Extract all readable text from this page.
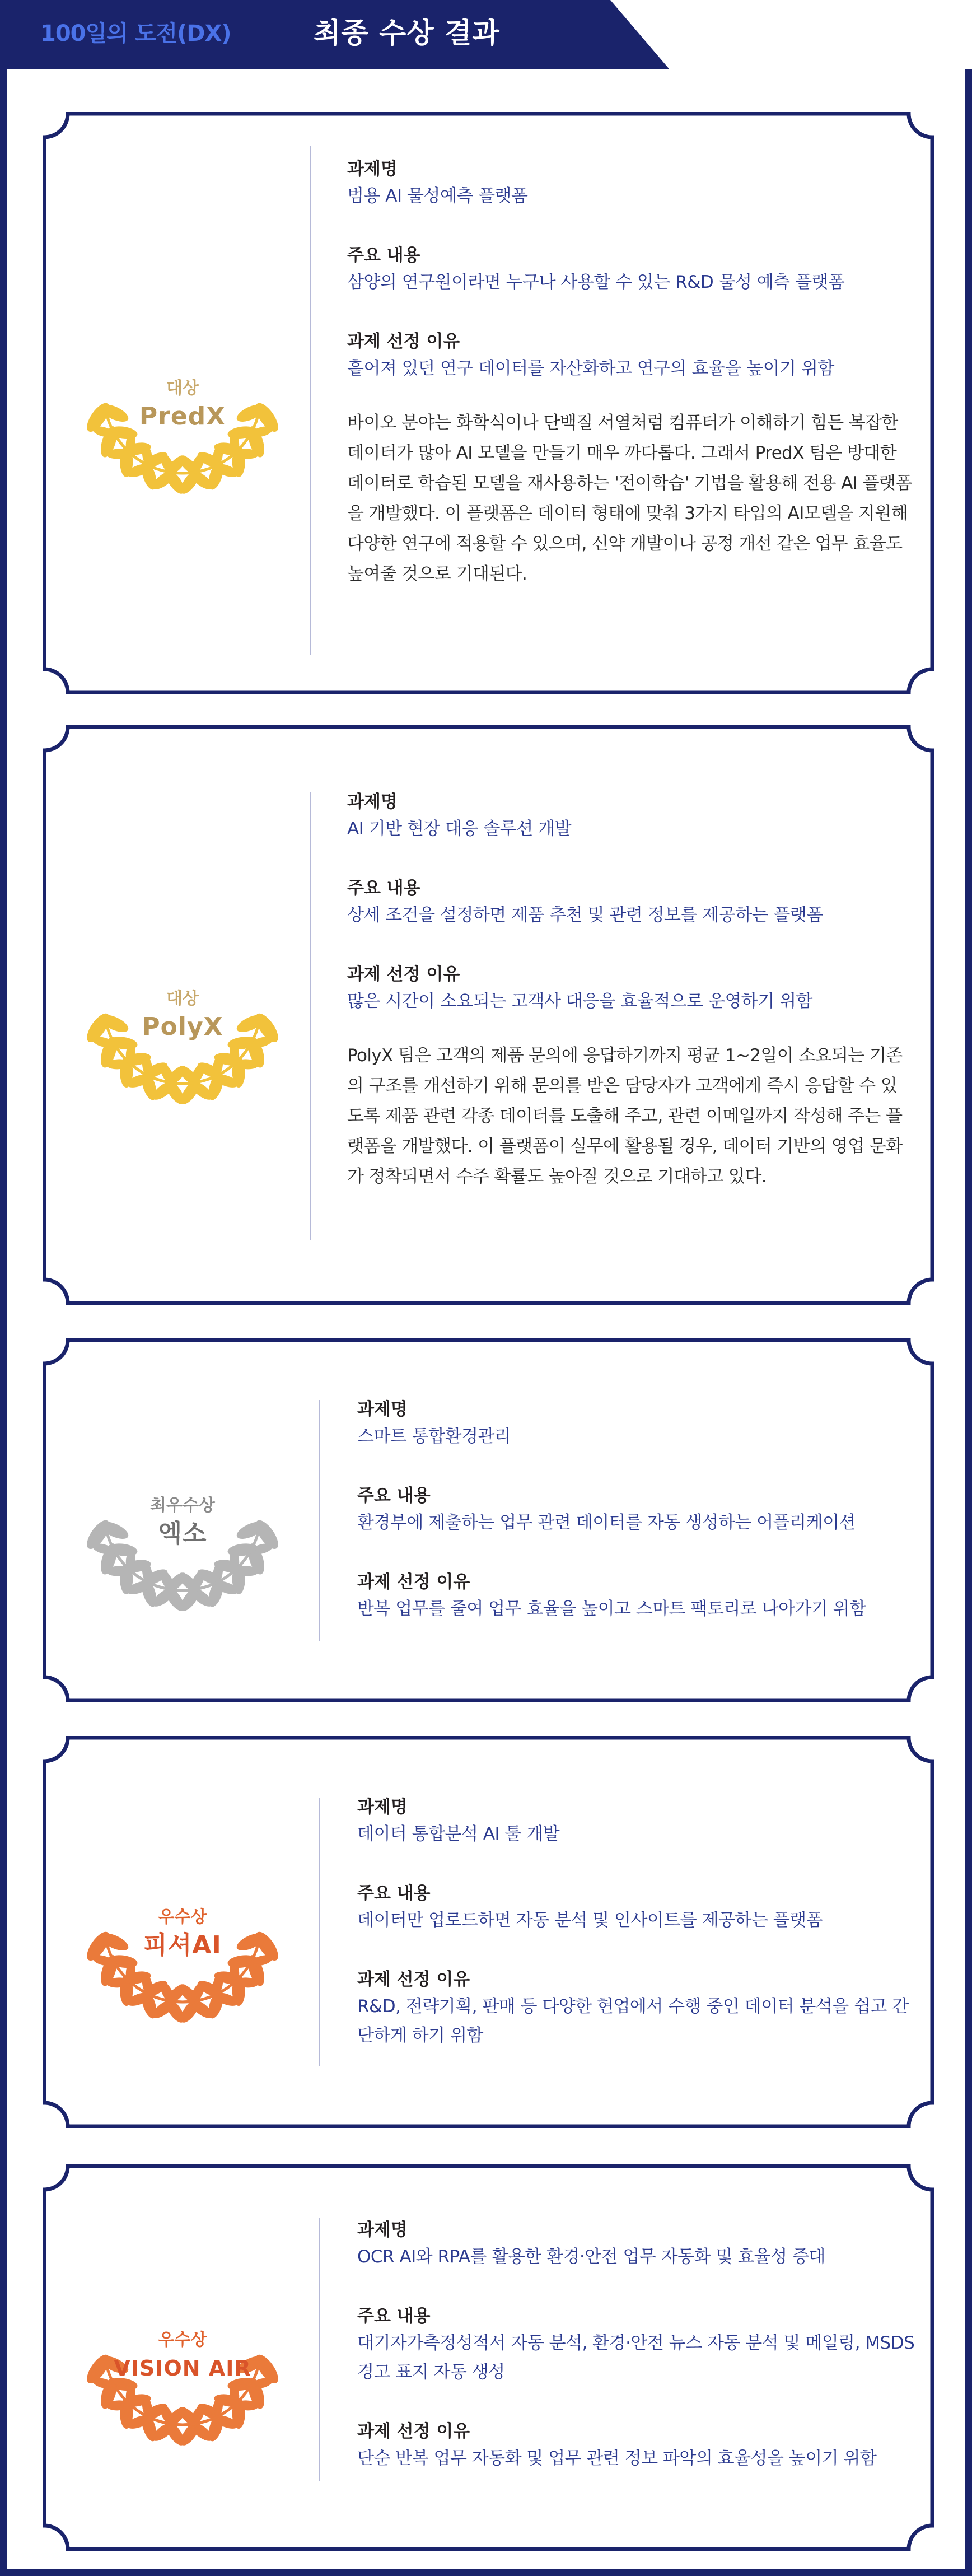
100일의 도전(DX)	최종 수상 결과
대상
PredX
과제명
범용 AI 물성예측 플랫폼
주요 내용
삼양의 연구원이라면 누구나 사용할 수 있는 R&D 물성 예측 플랫폼
과제 선정 이유
흩어져 있던 연구 데이터를 자산화하고 연구의 효율을 높이기 위함
바이오 분야는 화학식이나 단백질 서열처럼 컴퓨터가 이해하기 힘든 복잡한 데이터가 많아 AI 모델을 만들기 매우 까다롭다. 그래서 PredX 팀은 방대한 데이터로 학습된 모델을 재사용하는 '전이학습' 기법을 활용해 전용 AI 플랫폼을 개발했다. 이 플랫폼은 데이터 형태에 맞춰 3가지 타입의 AI모델을 지원해 다양한 연구에 적용할 수 있으며, 신약 개발이나 공정 개선 같은 업무 효율도 높여줄 것으로 기대된다.
대상
PolyX
과제명
AI 기반 현장 대응 솔루션 개발
주요 내용
상세 조건을 설정하면 제품 추천 및 관련 정보를 제공하는 플랫폼
과제 선정 이유
많은 시간이 소요되는 고객사 대응을 효율적으로 운영하기 위함
PolyX 팀은 고객의 제품 문의에 응답하기까지 평균 1~2일이 소요되는 기존의 구조를 개선하기 위해 문의를 받은 담당자가 고객에게 즉시 응답할 수 있도록 제품 관련 각종 데이터를 도출해 주고, 관련 이메일까지 작성해 주는 플랫폼을 개발했다. 이 플랫폼이 실무에 활용될 경우, 데이터 기반의 영업 문화가 정착되면서 수주 확률도 높아질 것으로 기대하고 있다.
최우수상
엑소
과제명
스마트 통합환경관리
주요 내용
환경부에 제출하는 업무 관련 데이터를 자동 생성하는 어플리케이션
과제 선정 이유
반복 업무를 줄여 업무 효율을 높이고 스마트 팩토리로 나아가기 위함
우수상
피셔AI
과제명
데이터 통합분석 AI 툴 개발
주요 내용
데이터만 업로드하면 자동 분석 및 인사이트를 제공하는 플랫폼
과제 선정 이유
R&D, 전략기획, 판매 등 다양한 현업에서 수행 중인 데이터 분석을 쉽고 간단하게 하기 위함
우수상
VISION AIR
과제명
OCR AI와 RPA를 활용한 환경·안전 업무 자동화 및 효율성 증대
주요 내용
대기자가측정성적서 자동 분석, 환경·안전 뉴스 자동 분석 및 메일링, MSDS 경고 표지 자동 생성
과제 선정 이유
단순 반복 업무 자동화 및 업무 관련 정보 파악의 효율성을 높이기 위함
